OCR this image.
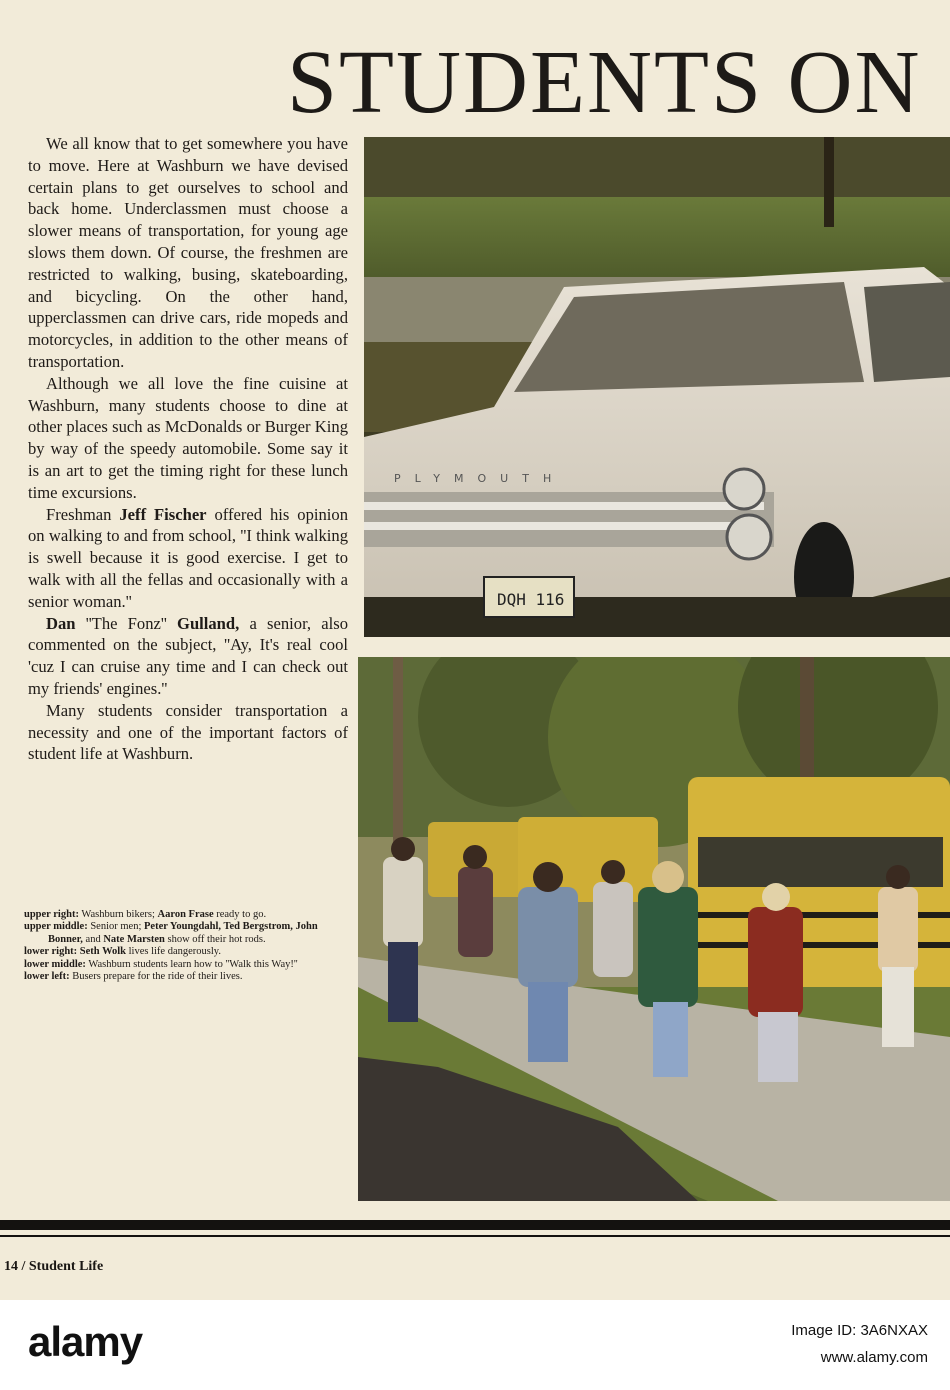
STUDENTS ON

We all know that to get somewhere you have to move. Here at Washburn we have devised certain plans to get ourselves to school and back home. Underclassmen must choose a slower means of transportation, for young age slows them down. Of course, the freshmen are restricted to walking, busing, skateboarding, and bicycling. On the other hand, upperclassmen can drive cars, ride mopeds and motorcycles, in addition to the other means of transportation.

Although we all love the fine cuisine at Washburn, many students choose to dine at other places such as McDonalds or Burger King by way of the speedy automobile. Some say it is an art to get the timing right for these lunch time excursions.

Freshman Jeff Fischer offered his opinion on walking to and from school, ''I think walking is swell because it is good exercise. I get to walk with all the fellas and occasionally with a senior woman.''

Dan ''The Fonz'' Gulland, a senior, also commented on the subject, ''Ay, It's real cool 'cuz I can cruise any time and I can check out my friends' engines.''

Many students consider transportation a necessity and one of the important factors of student life at Washburn.

upper right: Washburn bikers; Aaron Frase ready to go.

upper middle: Senior men; Peter Youngdahl, Ted Bergstrom, John Bonner, and Nate Marsten show off their hot rods.

lower right: Seth Wolk lives life dangerously.

lower middle: Washburn students learn how to ''Walk this Way!''

lower left: Busers prepare for the ride of their lives.

PLYMOUTH
DQH 116
14 / Student Life
alamy	Image ID: 3A6NXAX
www.alamy.com
